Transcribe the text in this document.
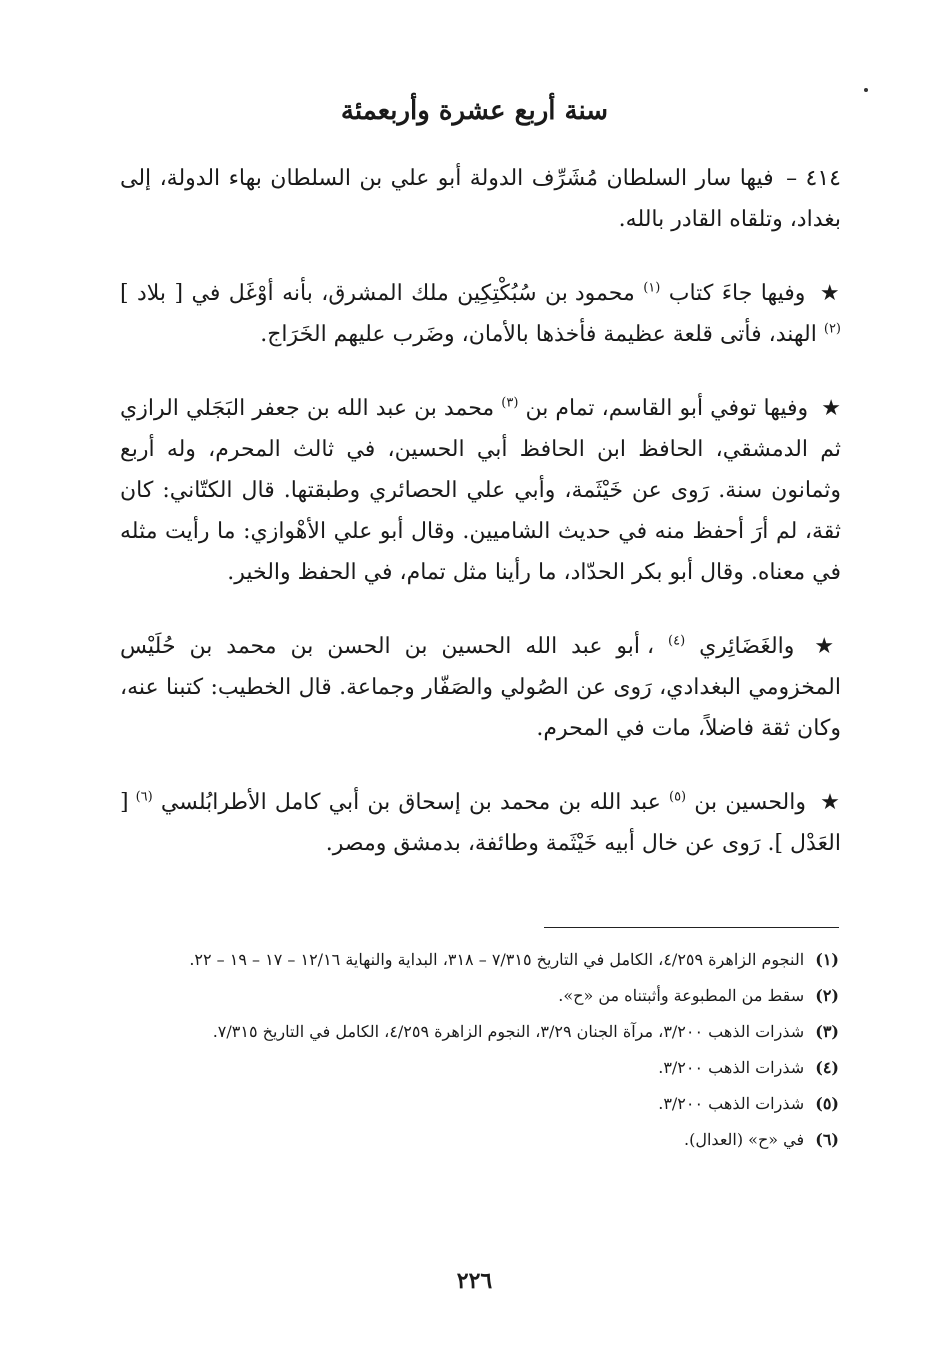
سنة أربع عشرة وأربعمئة

٤١٤ – فيها سار السلطان مُشَرِّف الدولة أبو علي بن السلطان بهاء الدولة، إلى بغداد، وتلقاه القادر بالله.

★ وفيها جاءَ كتاب $^{(١)}$ محمود بن سُبُكْتِكِين ملك المشرق، بأنه أوْغَل في [ بلاد ] $^{(٢)}$ الهند، فأتى قلعة عظيمة فأخذها بالأمان، وضَرب عليهم الخَرَاج.

★ وفيها توفي أبو القاسم، تمام بن $^{(٣)}$ محمد بن عبد الله بن جعفر البَجَلي الرازي ثم الدمشقي، الحافظ ابن الحافظ أبي الحسين، في ثالث المحرم، وله أربع وثمانون سنة. رَوى عن خَيْثَمة، وأبي علي الحصائري وطبقتها. قال الكتّاني: كان ثقة، لم أرَ أحفظ منه في حديث الشاميين. وقال أبو علي الأهْوازي: ما رأيت مثله في معناه. وقال أبو بكر الحدّاد، ما رأينا مثل تمام، في الحفظ والخير.

★ والغَضَائِري $^{(٤)}$ ، أبو عبد الله الحسين بن الحسن بن محمد بن حُلَيْس المخزومي البغدادي، رَوى عن الصُولي والصَفّار وجماعة. قال الخطيب: كتبنا عنه، وكان ثقة فاضلاً، مات في المحرم.

★ والحسين بن $^{(٥)}$ عبد الله بن محمد بن إسحاق بن أبي كامل الأطرابُلسي $^{(٦)}$ [ العَدْل ]. رَوى عن خال أبيه خَيْثَمة وطائفة، بدمشق ومصر.

(١) النجوم الزاهرة ٤/٢٥٩، الكامل في التاريخ ٧/٣١٥ – ٣١٨، البداية والنهاية ١٢/١٦ – ١٧ – ١٩ – ٢٢.

(٢) سقط من المطبوعة وأثبتناه من «ح».

(٣) شذرات الذهب ٣/٢٠٠، مرآة الجنان ٣/٢٩، النجوم الزاهرة ٤/٢٥٩، الكامل في التاريخ ٧/٣١٥.

(٤) شذرات الذهب ٣/٢٠٠.

(٥) شذرات الذهب ٣/٢٠٠.

(٦) في «ح» (العدال).

٢٢٦
